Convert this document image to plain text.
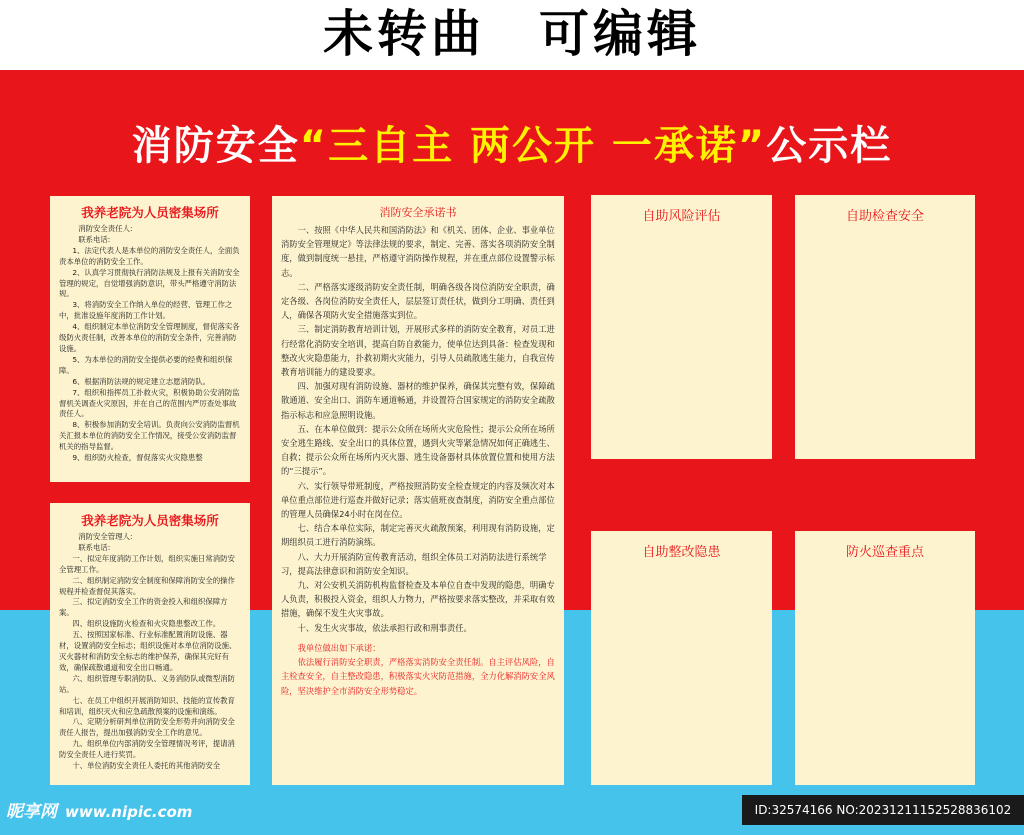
未转曲　可编辑
消防安全“三自主 两公开 一承诺”公示栏
我养老院为人员密集场所

消防安全责任人:

联系电话:

1、法定代表人是本单位的消防安全责任人，全面负责本单位的消防安全工作。

2、认真学习贯彻执行消防法规及上报有关消防安全管理的规定，自觉增强消防意识，带头严格遵守消防法规。

3、将消防安全工作纳入单位的经营、管理工作之中，批准设施年度消防工作计划。

4、组织制定本单位消防安全管理制度，督促落实各级防火责任制，改善本单位的消防安全条件，完善消防设施。

5、为本单位的消防安全提供必要的经费和组织保障。

6、根据消防法规的规定建立志愿消防队。

7、组织和指挥员工扑救火灾，积极协助公安消防监督机关调查火灾原因，并在自己的范围内严厉查处事故责任人。

8、积极参加消防安全培训。负责向公安消防监督机关汇报本单位的消防安全工作情况，接受公安消防监督机关的指导监督。

9、组织防火检查，督促落实火灾隐患整

我养老院为人员密集场所

消防安全管理人:

联系电话:

一、拟定年度消防工作计划，组织实施日常消防安全管理工作。

二、组织制定消防安全制度和保障消防安全的操作规程并检查督促其落实。

三、拟定消防安全工作的资金投入和组织保障方案。

四、组织设施防火检查和火灾隐患整改工作。

五、按照国家标准、行业标准配置消防设施、器材，设置消防安全标志；组织设施对本单位消防设施、灭火器材和消防安全标志的维护保养，确保其完好有效，确保疏散通道和安全出口畅通。

六、组织管理专职消防队、义务消防队或微型消防站。

七、在员工中组织开展消防知识、技能的宣传教育和培训，组织灭火和应急疏散预案的设施和演练。

八、定期分析研判单位消防安全形势并向消防安全责任人报告，提出加强消防安全工作的意见。

九、组织单位内部消防安全管理情况考评，提请消防安全责任人进行奖罚。

十、单位消防安全责任人委托的其他消防安全

消防安全承诺书

一、按照《中华人民共和国消防法》和《机关、团体、企业、事业单位消防安全管理规定》等法律法规的要求，制定、完善、落实各项消防安全制度，做到制度统一悬挂，严格遵守消防操作规程，并在重点部位设置警示标志。

二、严格落实逐级消防安全责任制，明确各级各岗位消防安全职责，确定各级、各岗位消防安全责任人，层层签订责任状，做到分工明确、责任到人，确保各项防火安全措施落实到位。

三、制定消防教育培训计划，开展形式多样的消防安全教育，对员工进行经常化消防安全培训，提高自防自救能力，使单位达到具备：检查发现和整改火灾隐患能力，扑救初期火灾能力，引导人员疏散逃生能力，自我宣传教育培训能力的建设要求。

四、加强对现有消防设施、器材的维护保养，确保其完整有效，保障疏散通道、安全出口、消防车通道畅通，并设置符合国家规定的消防安全疏散指示标志和应急照明设施。

五、在本单位做到：提示公众所在场所火灾危险性；提示公众所在场所安全逃生路线、安全出口的具体位置，遇到火灾等紧急情况如何正确逃生、自救；提示公众所在场所内灭火器、逃生设备器材具体放置位置和使用方法的“三提示”。

六、实行领导带班制度，严格按照消防安全检查规定的内容及频次对本单位重点部位进行巡查并做好记录；落实值班夜查制度，消防安全重点部位的管理人员确保24小时在岗在位。

七、结合本单位实际，制定完善灭火疏散预案，利用现有消防设施，定期组织员工进行消防演练。

八、大力开展消防宣传教育活动，组织全体员工对消防法进行系统学习，提高法律意识和消防安全知识。

九、对公安机关消防机构监督检查及本单位自查中发现的隐患，明确专人负责，积极投入资金，组织人力物力，严格按要求落实整改，并采取有效措施，确保不发生火灾事故。

十、发生火灾事故，依法承担行政和刑事责任。

我单位做出如下承诺：

依法履行消防安全职责，严格落实消防安全责任制。自主评估风险，自主检查安全，自主整改隐患，积极落实火灾防范措施，全力化解消防安全风险，坚决维护全市消防安全形势稳定。

自助风险评估	自助检查安全
自助整改隐患	防火巡查重点
昵享网 www.nipic.com	ID:32574166 NO:20231211152528836102
